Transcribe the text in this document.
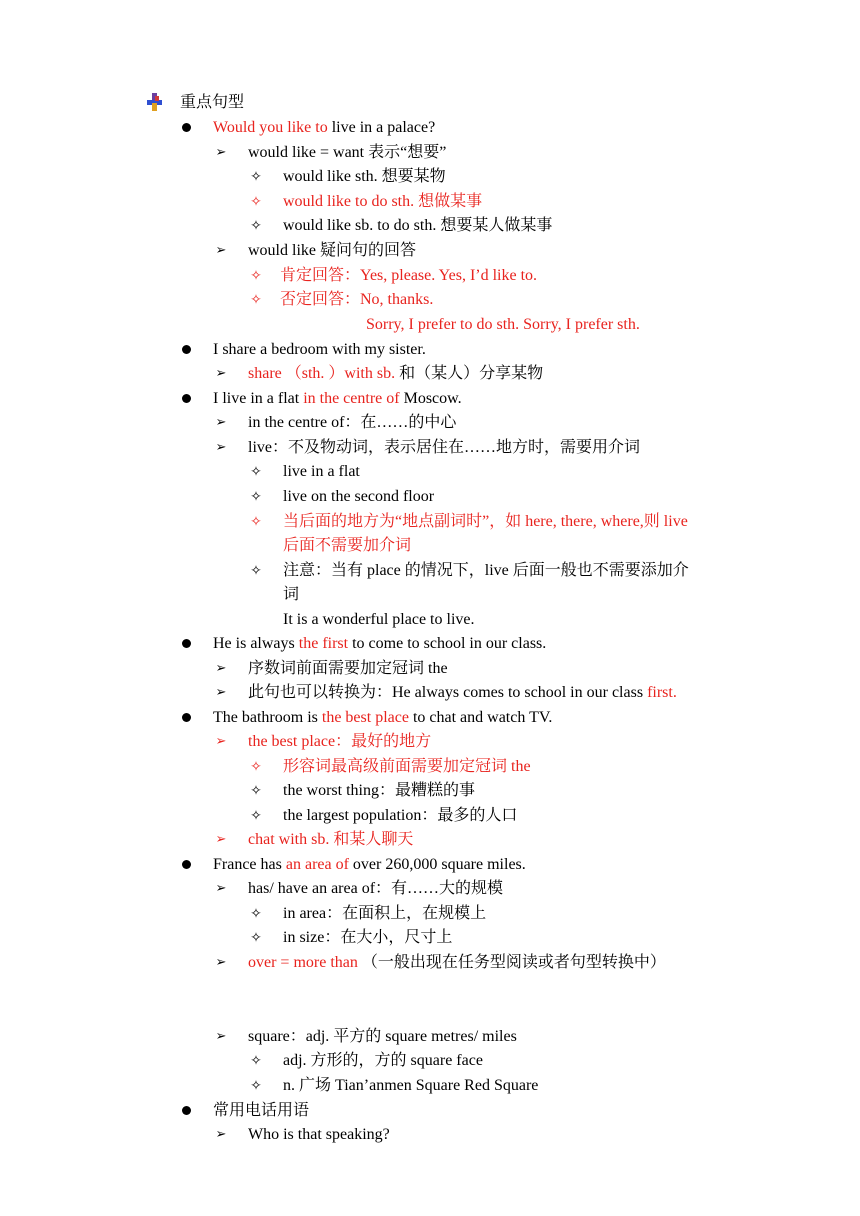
重点句型
Would you like to live in a palace?
➢ would like = want 表示“想要”
✧ would like sth. 想要某物
✧ would like to do sth. 想做某事
✧ would like sb. to do sth. 想要某人做某事
➢ would like 疑问句的回答
✧ 肯定回答：Yes, please. Yes, I’d like to.
✧ 否定回答：No, thanks.
Sorry, I prefer to do sth. Sorry, I prefer sth.
I share a bedroom with my sister.
➢ share （sth. ）with sb. 和（某人）分享某物
I live in a flat in the centre of Moscow.
➢ in the centre of：在……的中心
➢ live：不及物动词，表示居住在……地方时，需要用介词
✧ live in a flat
✧ live on the second floor
✧ 当后面的地方为“地点副词时”，如 here, there, where,则 live
后面不需要加介词
✧ 注意：当有 place 的情况下，live 后面一般也不需要添加介
词
It is a wonderful place to live.
He is always the first to come to school in our class.
➢ 序数词前面需要加定冠词 the
➢ 此句也可以转换为：He always comes to school in our class first.
The bathroom is the best place to chat and watch TV.
➢ the best place：最好的地方
✧ 形容词最高级前面需要加定冠词 the
✧ the worst thing：最糟糕的事
✧ the largest population：最多的人口
➢ chat with sb. 和某人聊天
France has an area of over 260,000 square miles.
➢ has/ have an area of：有……大的规模
✧ in area：在面积上，在规模上
✧ in size：在大小，尺寸上
➢ over = more than （一般出现在任务型阅读或者句型转换中）
➢ square：adj. 平方的 square metres/ miles
✧ adj. 方形的，方的 square face
✧ n. 广场 Tian’anmen Square Red Square
常用电话用语
➢ Who is that speaking?
